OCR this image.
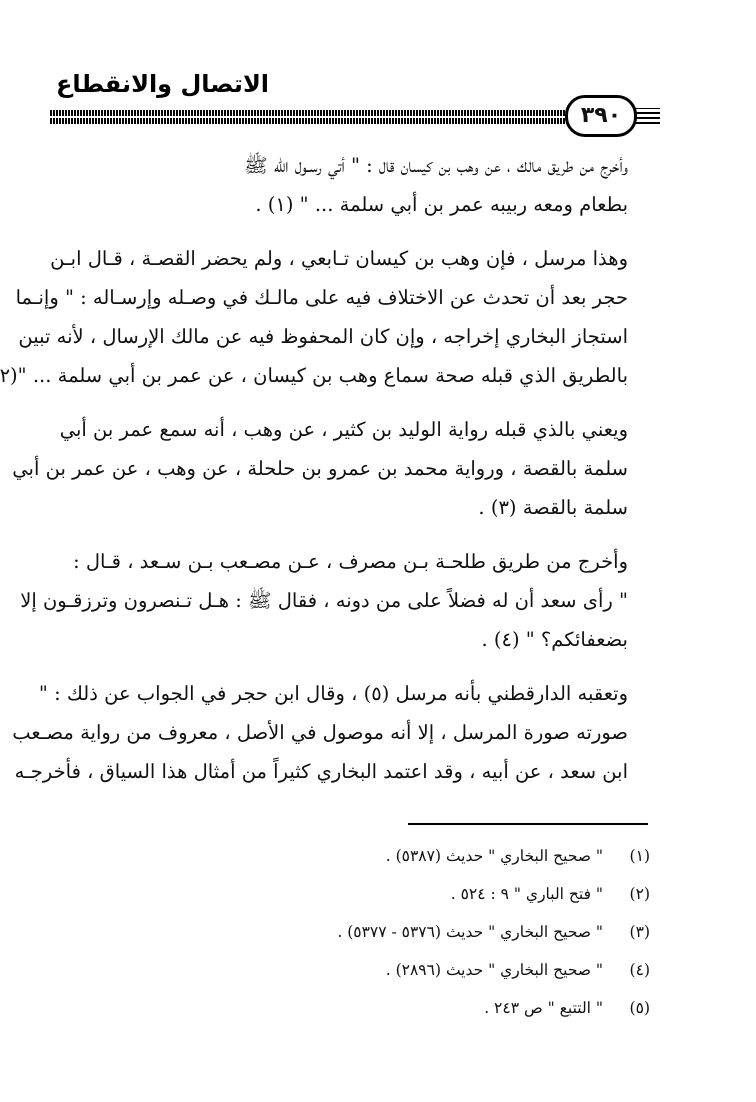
الاتصال والانقطاع
٣٩٠
وأخرج من طريق مالك ، عن وهب بن كيسان قال : " أتي رسـول الله ﷺ
بطعام ومعه ربيبه عمر بن أبي سلمة ... " (١) .
وهذا مرسل ، فإن وهب بن كيسان تـابعي ، ولم يحضر القصـة ، قـال ابـن
حجر بعد أن تحدث عن الاختلاف فيه على مالـك في وصـله وإرسـاله : " وإنـما
استجاز البخاري إخراجه ، وإن كان المحفوظ فيه عن مالك الإرسال ، لأنه تبين
بالطريق الذي قبله صحة سماع وهب بن كيسان ، عن عمر بن أبي سلمة ... "(٢
ويعني بالذي قبله رواية الوليد بن كثير ، عن وهب ، أنه سمع عمر بن أبي
سلمة بالقصة ، ورواية محمد بن عمرو بن حلحلة ، عن وهب ، عن عمر بن أبي
سلمة بالقصة (٣) .
وأخرج من طريق طلحـة بـن مصرف ، عـن مصـعب بـن سـعد ، قـال :
" رأى سعد أن له فضلاً على من دونه ، فقال ﷺ : هـل تـنصرون وترزقـون إلا
بضعفائكم؟ " (٤) .
وتعقبه الدارقطني بأنه مرسل (٥) ، وقال ابن حجر في الجواب عن ذلك : "
صورته صورة المرسل ، إلا أنه موصول في الأصل ، معروف من رواية مصـعب
ابن سعد ، عن أبيه ، وقد اعتمد البخاري كثيراً من أمثال هذا السياق ، فأخرجـه
(١) " صحيح البخاري " حديث (٥٣٨٧) .
(٢) " فتح الباري " ٩ : ٥٢٤ .
(٣) " صحيح البخاري " حديث (٥٣٧٦ - ٥٣٧٧) .
(٤) " صحيح البخاري " حديث (٢٨٩٦) .
(٥) " التتبع " ص ٢٤٣ .
